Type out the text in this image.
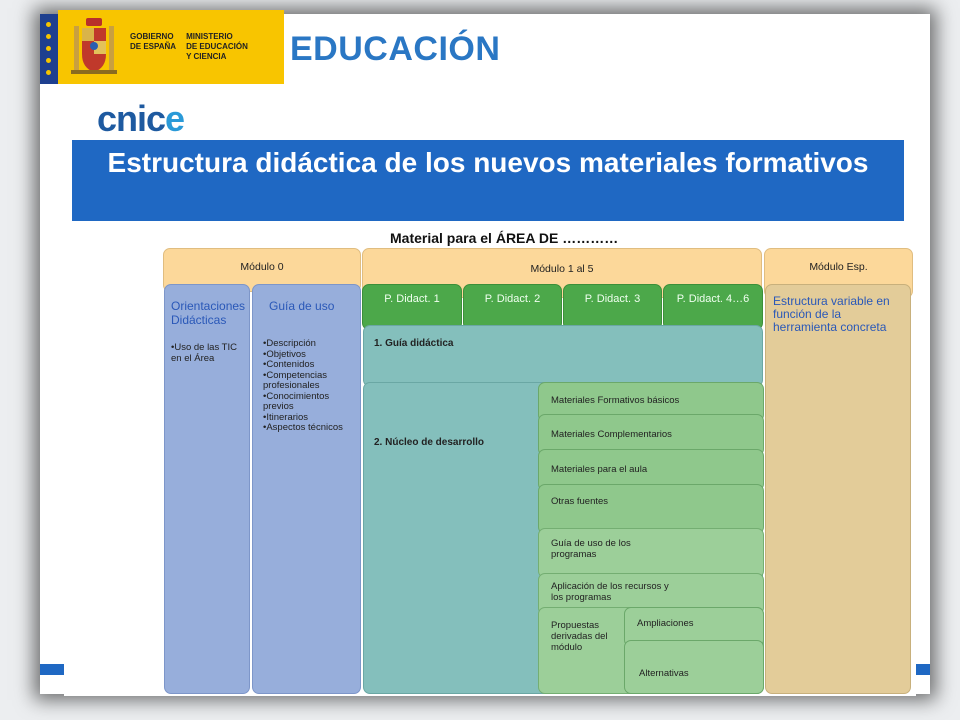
GOBIERNO
DE ESPAÑA
MINISTERIO
DE EDUCACIÓN
Y CIENCIA	EDUCACIÓN
cnice
Estructura didáctica de los nuevos materiales formativos
Material para el ÁREA DE …………
Módulo 0
Orientaciones Didácticas
• Uso de las TIC en el Área
Guía de uso
• Descripción
• Objetivos
• Contenidos
• Competencias profesionales
• Conocimientos previos
• Itinerarios
• Aspectos técnicos
Módulo 1 al 5
P. Didact. 1	P. Didact. 2	P. Didact. 3	P. Didact. 4…6
1. Guía didáctica
2. Núcleo de desarrollo
Materiales Formativos básicos
Materiales Complementarios
Materiales para el aula
Otras fuentes
Guía de uso de los programas
Aplicación de los recursos y los programas
Propuestas derivadas del módulo
Ampliaciones
Alternativas
Módulo Esp.
Estructura variable en función de la herramienta concreta
